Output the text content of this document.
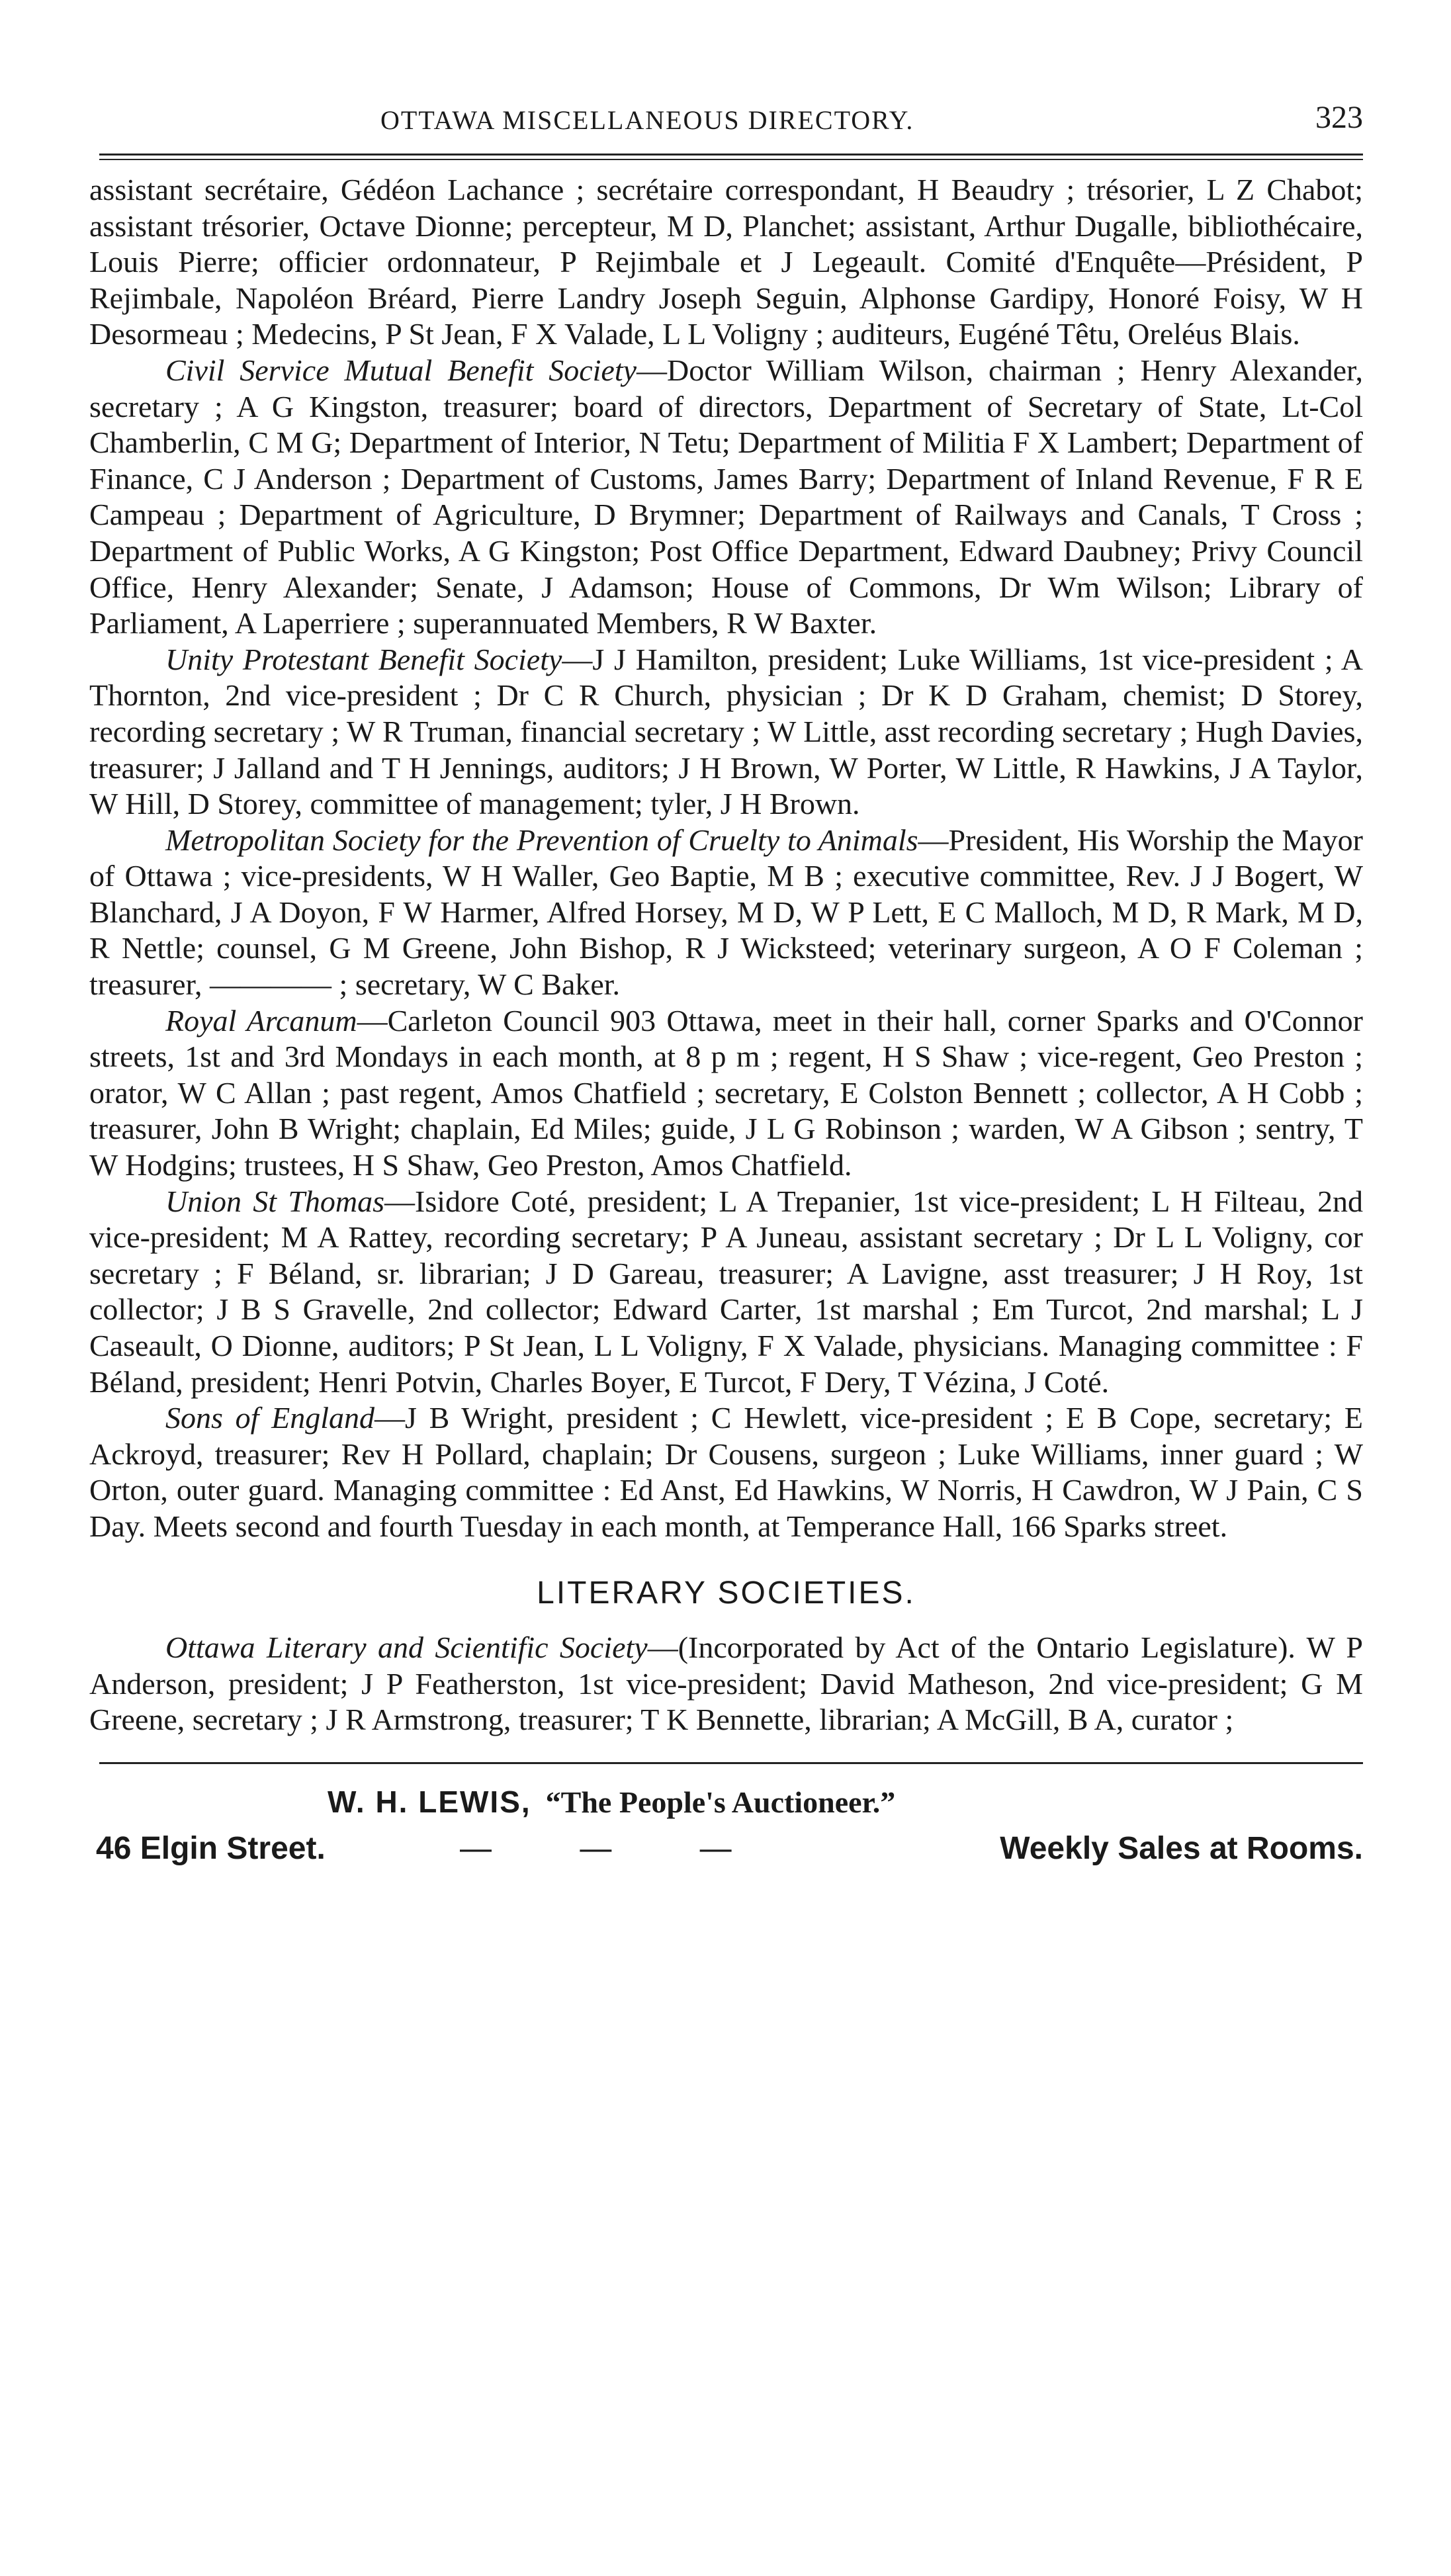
OTTAWA MISCELLANEOUS DIRECTORY.	323

assistant secrétaire, Gédéon Lachance ; secrétaire correspondant, H Beaudry ; trésorier, L Z Chabot; assistant trésorier, Octave Dionne; percepteur, M D, Planchet; assistant, Arthur Dugalle, bibliothécaire, Louis Pierre; officier ordonnateur, P Rejimbale et J Legeault. Comité d'Enquête—Président, P Rejimbale, Napoléon Bréard, Pierre Landry Joseph Seguin, Alphonse Gardipy, Honoré Foisy, W H Desormeau ; Medecins, P St Jean, F X Valade, L L Voligny ; auditeurs, Eugéné Têtu, Oreléus Blais.

Civil Service Mutual Benefit Society—Doctor William Wilson, chairman ; Henry Alexander, secretary ; A G Kingston, treasurer; board of directors, Department of Secretary of State, Lt-Col Chamberlin, C M G; Department of Interior, N Tetu; Department of Militia F X Lambert; Department of Finance, C J Anderson ; Department of Customs, James Barry; Department of Inland Revenue, F R E Campeau ; Department of Agriculture, D Brymner; Department of Railways and Canals, T Cross ; Department of Public Works, A G Kingston; Post Office Department, Edward Daubney; Privy Council Office, Henry Alexander; Senate, J Adamson; House of Commons, Dr Wm Wilson; Library of Parliament, A Laperriere ; superannuated Members, R W Baxter.

Unity Protestant Benefit Society—J J Hamilton, president; Luke Williams, 1st vice-president ; A Thornton, 2nd vice-president ; Dr C R Church, physician ; Dr K D Graham, chemist; D Storey, recording secretary ; W R Truman, financial secretary ; W Little, asst recording secretary ; Hugh Davies, treasurer; J Jalland and T H Jennings, auditors; J H Brown, W Porter, W Little, R Hawkins, J A Taylor, W Hill, D Storey, committee of management; tyler, J H Brown.

Metropolitan Society for the Prevention of Cruelty to Animals—President, His Worship the Mayor of Ottawa ; vice-presidents, W H Waller, Geo Baptie, M B ; executive committee, Rev. J J Bogert, W Blanchard, J A Doyon, F W Harmer, Alfred Horsey, M D, W P Lett, E C Malloch, M D, R Mark, M D, R Nettle; counsel, G M Greene, John Bishop, R J Wicksteed; veterinary surgeon, A O F Coleman ; treasurer, ———— ; secretary, W C Baker.

Royal Arcanum—Carleton Council 903 Ottawa, meet in their hall, corner Sparks and O'Connor streets, 1st and 3rd Mondays in each month, at 8 p m ; regent, H S Shaw ; vice-regent, Geo Preston ; orator, W C Allan ; past regent, Amos Chatfield ; secretary, E Colston Bennett ; collector, A H Cobb ; treasurer, John B Wright; chaplain, Ed Miles; guide, J L G Robinson ; warden, W A Gibson ; sentry, T W Hodgins; trustees, H S Shaw, Geo Preston, Amos Chatfield.

Union St Thomas—Isidore Coté, president; L A Trepanier, 1st vice-president; L H Filteau, 2nd vice-president; M A Rattey, recording secretary; P A Juneau, assistant secretary ; Dr L L Voligny, cor secretary ; F Béland, sr. librarian; J D Gareau, treasurer; A Lavigne, asst treasurer; J H Roy, 1st collector; J B S Gravelle, 2nd collector; Edward Carter, 1st marshal ; Em Turcot, 2nd marshal; L J Caseault, O Dionne, auditors; P St Jean, L L Voligny, F X Valade, physicians. Managing committee : F Béland, president; Henri Potvin, Charles Boyer, E Turcot, F Dery, T Vézina, J Coté.

Sons of England—J B Wright, president ; C Hewlett, vice-president ; E B Cope, secretary; E Ackroyd, treasurer; Rev H Pollard, chaplain; Dr Cousens, surgeon ; Luke Williams, inner guard ; W Orton, outer guard. Managing committee : Ed Anst, Ed Hawkins, W Norris, H Cawdron, W J Pain, C S Day. Meets second and fourth Tuesday in each month, at Temperance Hall, 166 Sparks street.

LITERARY SOCIETIES.

Ottawa Literary and Scientific Society—(Incorporated by Act of the Ontario Legislature). W P Anderson, president; J P Featherston, 1st vice-president; David Matheson, 2nd vice-president; G M Greene, secretary ; J R Armstrong, treasurer; T K Bennette, librarian; A McGill, B A, curator ;

W. H. LEWIS, “The People's Auctioneer.”
46 Elgin Street.	— — —	Weekly Sales at Rooms.
